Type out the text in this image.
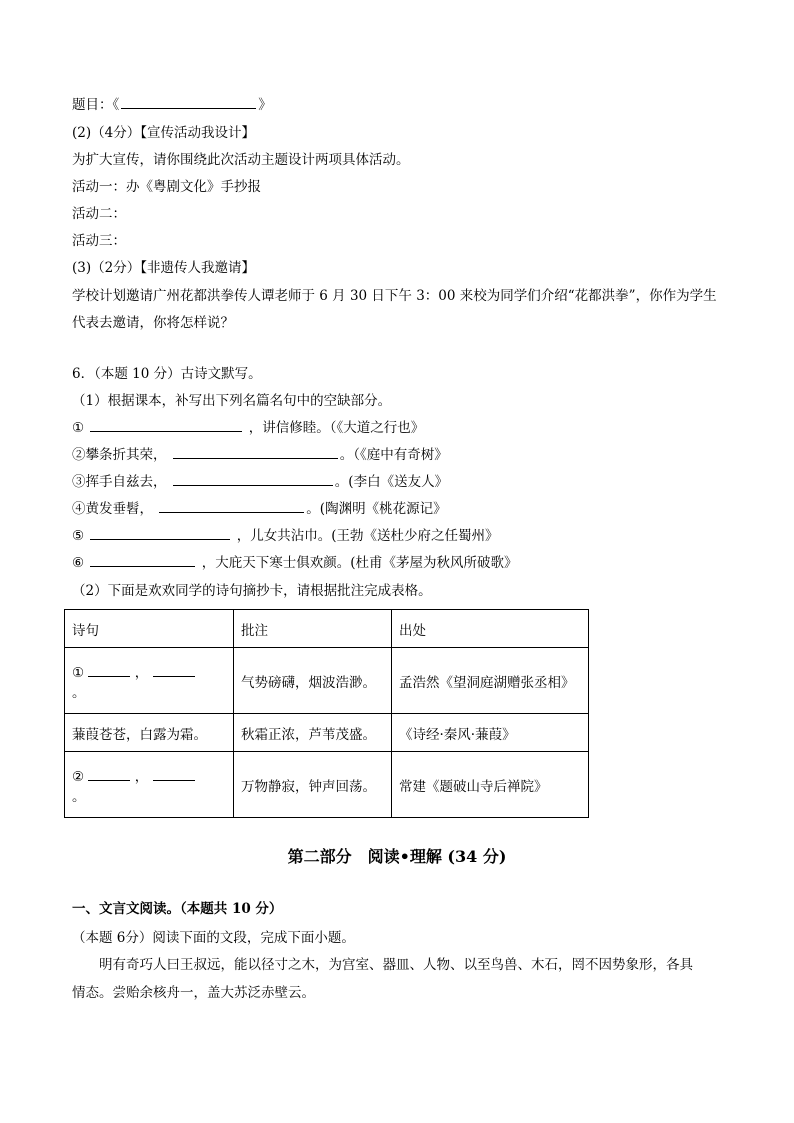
题目：《	》
(2)（4分）【宣传活动我设计】
为扩大宣传，请你围绕此次活动主题设计两项具体活动。
活动一：办《粤剧文化》手抄报
活动二：
活动三：
(3)（2分）【非遗传人我邀请】
学校计划邀请广州花都洪拳传人谭老师于 6 月 30 日下午 3：00 来校为同学们介绍“花都洪拳”，你作为学生
代表去邀请，你将怎样说？
6．（本题 10 分）古诗文默写。
（1）根据课本，补写出下列名篇名句中的空缺部分。
①	，讲信修睦。（《大道之行也》
②攀条折其荣，	。（《庭中有奇树》
③挥手自兹去，	。(李白《送友人》
④黄发垂髫，	。(陶渊明《桃花源记》
⑤	，儿女共沾巾。(王勃《送杜少府之任蜀州》
⑥	，大庇天下寒士俱欢颜。(杜甫《茅屋为秋风所破歌》
（2）下面是欢欢同学的诗句摘抄卡，请根据批注完成表格。
诗句	批注	出处

① ，
。	气势磅礴，烟波浩渺。	孟浩然《望洞庭湖赠张丞相》
蒹葭苍苍，白露为霜。	秋霜正浓，芦苇茂盛。	《诗经·秦风·蒹葭》

② ，
。	万物静寂，钟声回荡。	常建《题破山寺后禅院》
第二部分　阅读•理解 (34 分)
一、文言文阅读。（本题共 10 分）
（本题 6分）阅读下面的文段，完成下面小题。
明有奇巧人曰王叔远，能以径寸之木，为宫室、器皿、人物、以至鸟兽、木石，罔不因势象形，各具
情态。尝贻余核舟一，盖大苏泛赤壁云。
